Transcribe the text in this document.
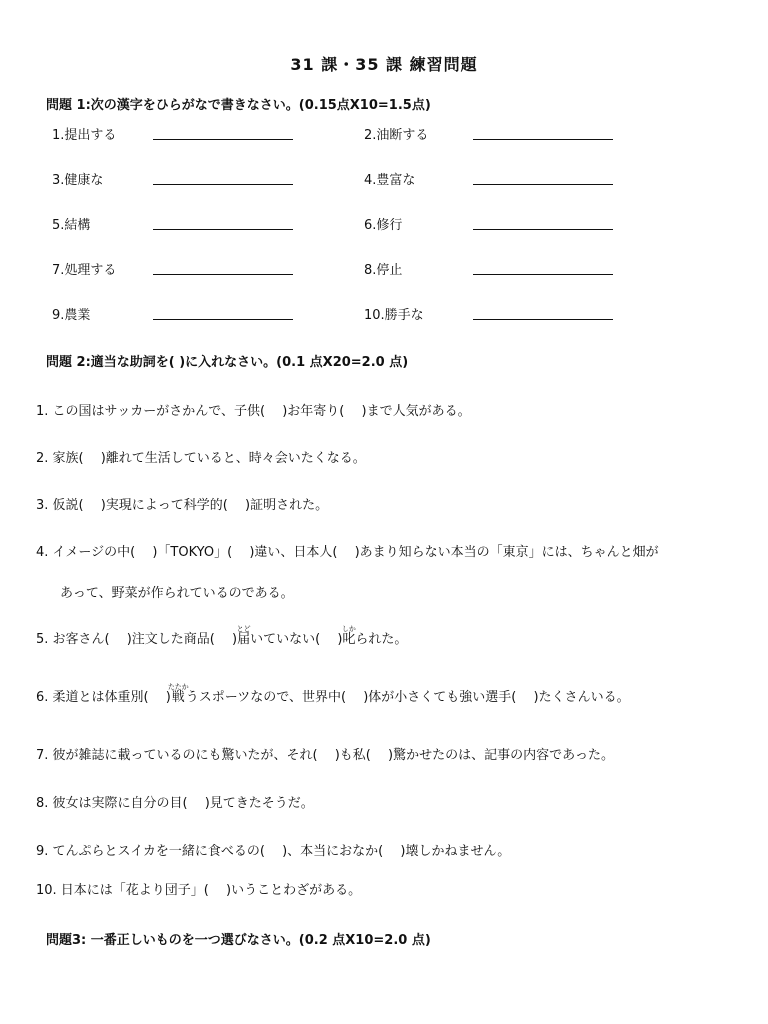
31 課・35 課 練習問題
問題 1:次の漢字をひらがなで書きなさい。(0.15点X10=1.5点)
1.提出する	2.油断する
3.健康な	4.豊富な
5.結構	6.修行
7.処理する	8.停止
9.農業	10.勝手な
問題 2:適当な助詞を( )に入れなさい。(0.1 点X20=2.0 点)
1. この国はサッカーがさかんで、子供(　 )お年寄り(　 )まで人気がある。
2. 家族(　 )離れて生活していると、時々会いたくなる。
3. 仮説(　 )実現によって科学的(　 )証明された。
4. イメージの中(　 )「TOKYO」(　 )違い、日本人(　 )あまり知らない本当の「東京」には、ちゃんと畑が
あって、野菜が作られているのである。
5. お客さん(　 )注文した商品(　 )届とどいていない(　 )叱しかられた。
6. 柔道とは体重別(　 )戦たたかうスポーツなので、世界中(　 )体が小さくても強い選手(　 )たくさんいる。
7. 彼が雑誌に載っているのにも驚いたが、それ(　 )も私(　 )驚かせたのは、記事の内容であった。
8. 彼女は実際に自分の目(　 )見てきたそうだ。
9. てんぷらとスイカを一緒に食べるの(　 )、本当におなか(　 )壊しかねません。
10. 日本には「花より団子」(　 )いうことわざがある。
問題3: 一番正しいものを一つ選びなさい。(0.2 点X10=2.0 点)
